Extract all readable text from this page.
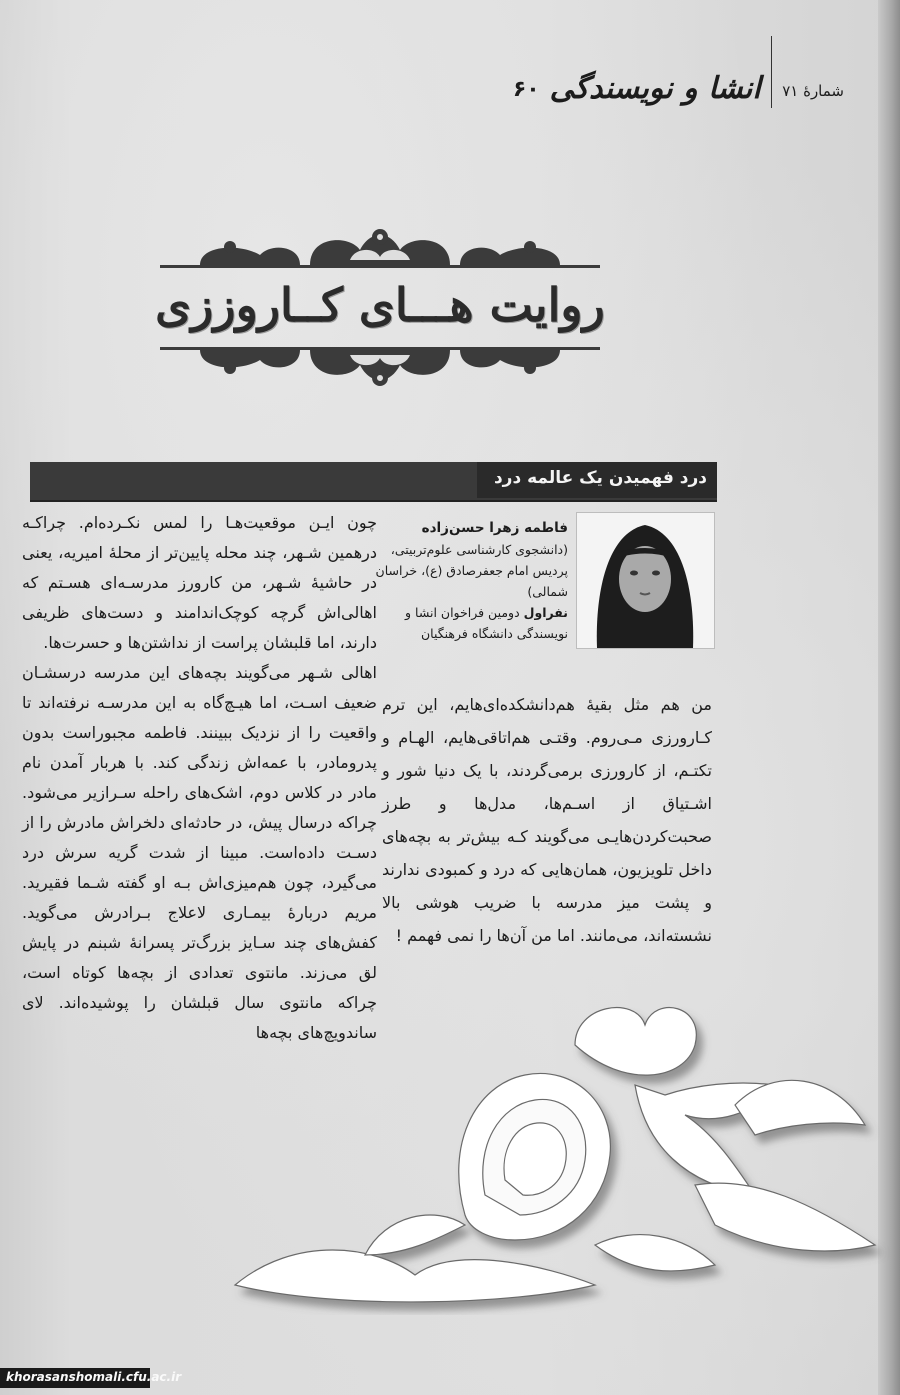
۶۰ انشا و نویسندگی شمارۀ ۷۱
روایت هـــای کــاروززی
درد فهمیدن یک عالمه درد
فاطمه زهرا حسن‌زاده
(دانشجوی کارشناسی علوم‌تربیتی، پردیس امام جعفرصادق (ع)، خراسان شمالی)
نفراول دومین فراخوان انشا و نویسندگی دانشگاه فرهنگیان

چون ایـن موقعیت‌هـا را لمس نکـرده‌ام. چراکـه درهمین شـهر، چند محله پایین‌تر از محلۀ امیریه، یعنی در حاشیۀ شـهر، من کارورز مدرسـه‌ای هسـتم که اهالی‌اش گرچه کوچک‌اندامند و دست‌های ظریفی دارند، اما قلبشان پراست از نداشتن‌ها و حسرت‌ها.

اهالی شـهر می‌گویند بچه‌های این مدرسه درسشـان ضعیف اسـت، اما هیـچ‌گاه به این مدرسـه نرفته‌اند تا واقعیت را از نزدیک ببینند. فاطمه مجبوراست بدون پدرومادر، با عمه‌اش زندگی کند. با هربار آمدن نام مادر در کلاس دوم، اشک‌های راحله سـرازیر می‌شود. چراکه درسال پیش، در حادثه‌ای دلخراش مادرش را از دسـت داده‌است. مبینا از شدت گریه سرش درد می‌گیرد، چون هم‌میزی‌اش بـه او گفته شـما فقیرید. مریم دربارۀ بیمـاری لاعلاج بـرادرش می‌گوید. کفش‌های چند سـایز بزرگ‌تر پسرانۀ شبنم در پایش لق می‌زند. مانتوی تعدادی از بچه‌ها کوتاه است، چراکه مانتوی سال قبلشان را پوشیده‌اند. لای ساندویچ‌های بچه‌ها

من هم مثل بقیۀ هم‌دانشکده‌ای‌هایم، این ترم کـارورزی مـی‌روم. وقتـی هم‌اتاقی‌هایم، الهـام و تکتـم، از کارورزی برمی‌گردند، با یک دنیا شور و اشـتیاق از اسـم‌ها، مدل‌ها و طرز صحبت‌کردن‌هایـی می‌گویند کـه بیش‌تر به بچه‌های داخل تلویزیون، همان‌هایی که درد و کمبودی ندارند و پشت میز مدرسه با ضریب هوشی بالا نشسته‌اند، می‌مانند. اما من آن‌ها را نمی فهمم !

khorasanshomali.cfu.ac.ir
